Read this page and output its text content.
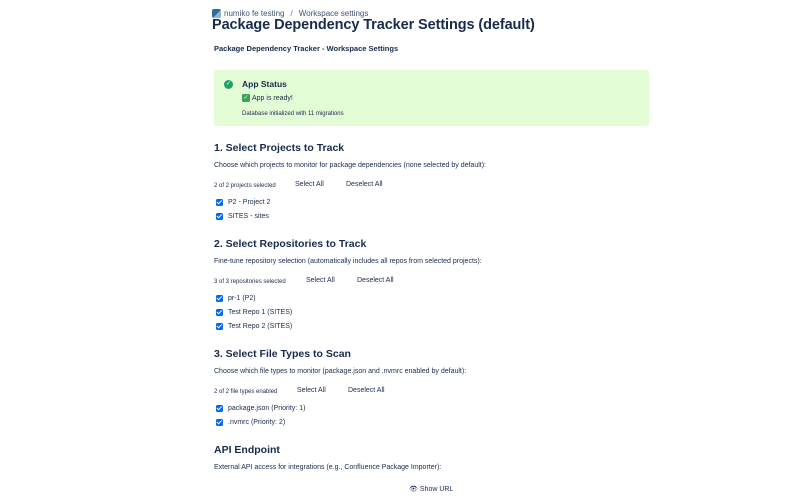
numiko fe testing / Workspace settings
Package Dependency Tracker Settings (default)
Package Dependency Tracker - Workspace Settings
✓ App Status
✓ App is ready!
Database initialized with 11 migrations
1. Select Projects to Track
Choose which projects to monitor for package dependencies (none selected by default):
2 of 2 projects selected	Select All	Deselect All
P2 - Project 2
SITES - sites
2. Select Repositories to Track
Fine-tune repository selection (automatically includes all repos from selected projects):
3 of 3 repositories selected	Select All	Deselect All
pr-1 (P2)
Test Repo 1 (SITES)
Test Repo 2 (SITES)
3. Select File Types to Scan
Choose which file types to monitor (package.json and .nvmrc enabled by default):
2 of 2 file types enabled	Select All	Deselect All
package.json (Priority: 1)
.nvmrc (Priority: 2)
API Endpoint
External API access for integrations (e.g., Confluence Package Importer):
👁 Show URL
